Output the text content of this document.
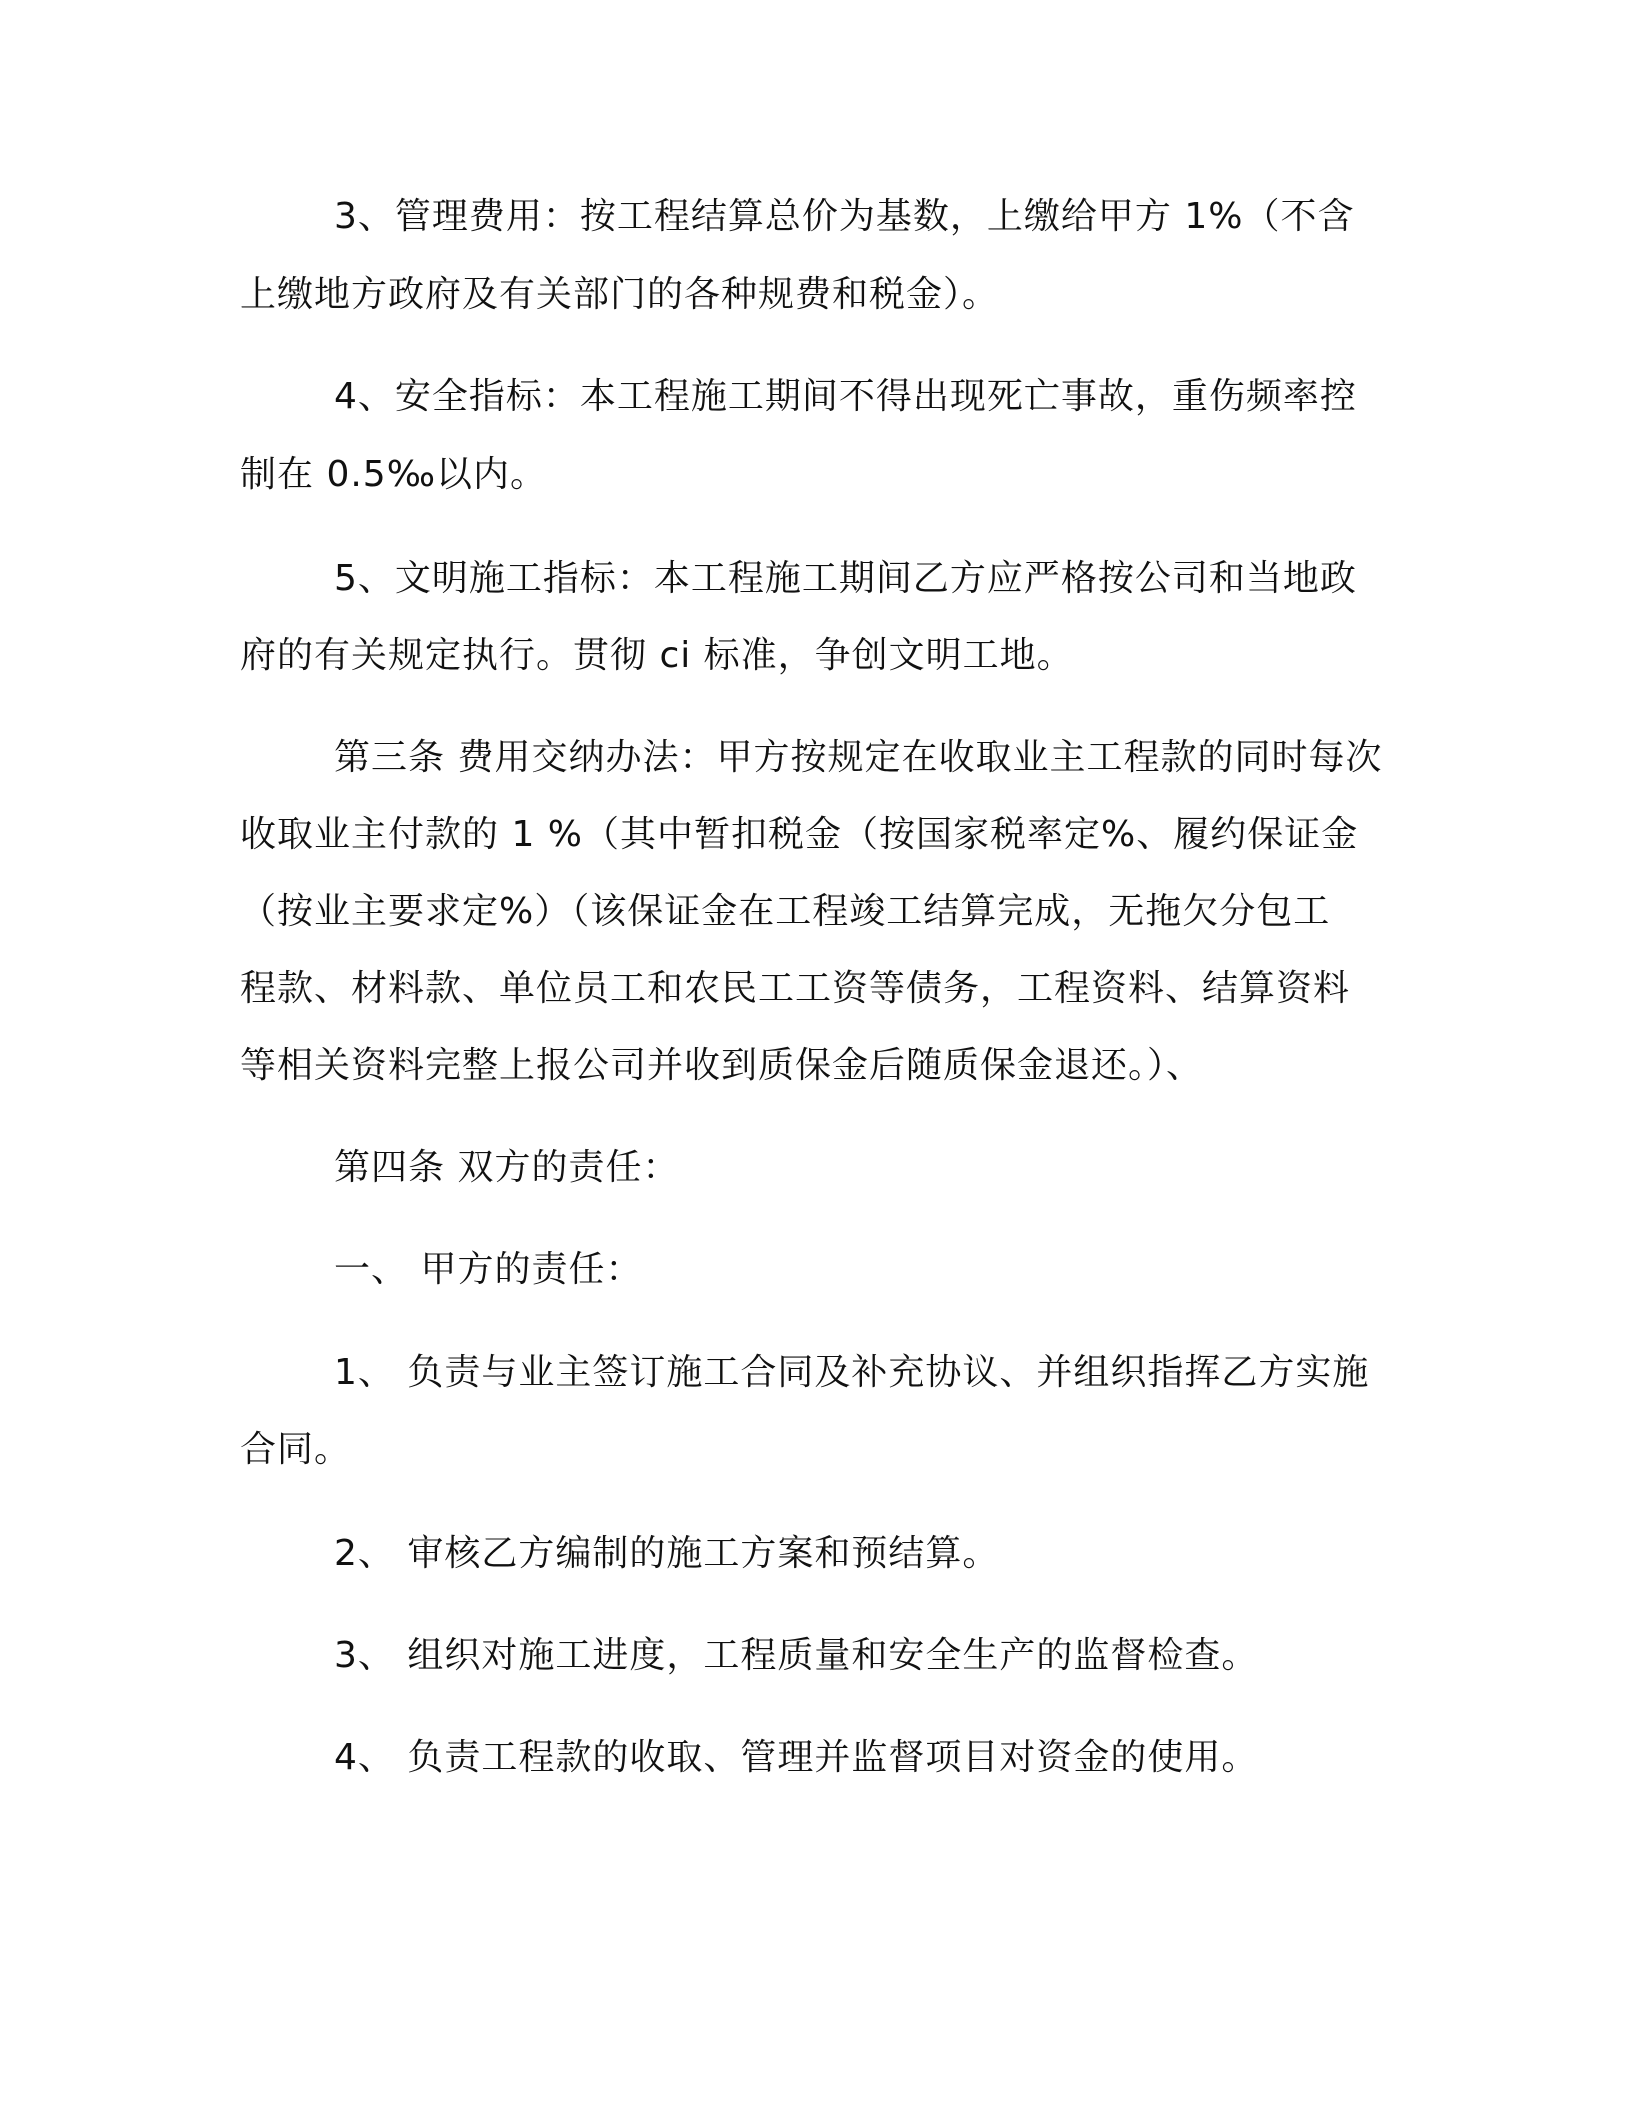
3、管理费用：按工程结算总价为基数，上缴给甲方 1%（不含
上缴地方政府及有关部门的各种规费和税金）。
4、安全指标：本工程施工期间不得出现死亡事故，重伤频率控
制在 0.5‰以内。
5、文明施工指标：本工程施工期间乙方应严格按公司和当地政
府的有关规定执行。贯彻 ci 标准，争创文明工地。
第三条 费用交纳办法：甲方按规定在收取业主工程款的同时每次
收取业主付款的 1 %（其中暂扣税金（按国家税率定%、履约保证金
（按业主要求定%）（该保证金在工程竣工结算完成，无拖欠分包工
程款、材料款、单位员工和农民工工资等债务，工程资料、结算资料
等相关资料完整上报公司并收到质保金后随质保金退还。）、
第四条 双方的责任：
一、 甲方的责任：
1、 负责与业主签订施工合同及补充协议、并组织指挥乙方实施
合同。
2、 审核乙方编制的施工方案和预结算。
3、 组织对施工进度，工程质量和安全生产的监督检查。
4、 负责工程款的收取、管理并监督项目对资金的使用。
